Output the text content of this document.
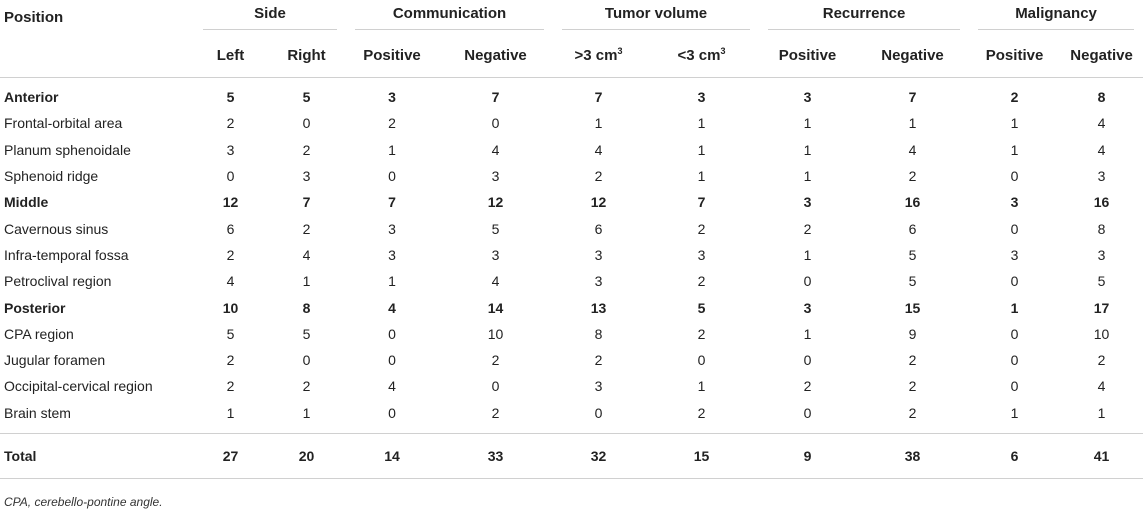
Position	Side		Communication		Tumor volume		Recurrence		Malignancy	

	Left	Right	Positive	Negative	>3 $cm^3$	<3 $cm^3$	Positive	Negative	Positive	Negative

Anterior	5	5	3	7	7	3	3	7	2	8
Frontal-orbital area	2	0	2	0	1	1	1	1	1	4
Planum sphenoidale	3	2	1	4	4	1	1	4	1	4
Sphenoid ridge	0	3	0	3	2	1	1	2	0	3
Middle	12	7	7	12	12	7	3	16	3	16
Cavernous sinus	6	2	3	5	6	2	2	6	0	8
Infra-temporal fossa	2	4	3	3	3	3	1	5	3	3
Petroclival region	4	1	1	4	3	2	0	5	0	5
Posterior	10	8	4	14	13	5	3	15	1	17
CPA region	5	5	0	10	8	2	1	9	0	10
Jugular foramen	2	0	0	2	2	0	0	2	0	2
Occipital-cervical region	2	2	4	0	3	1	2	2	0	4
Brain stem	1	1	0	2	0	2	0	2	1	1

Total	27	20	14	33	32	15	9	38	6	41
CPA, cerebello-pontine angle.
